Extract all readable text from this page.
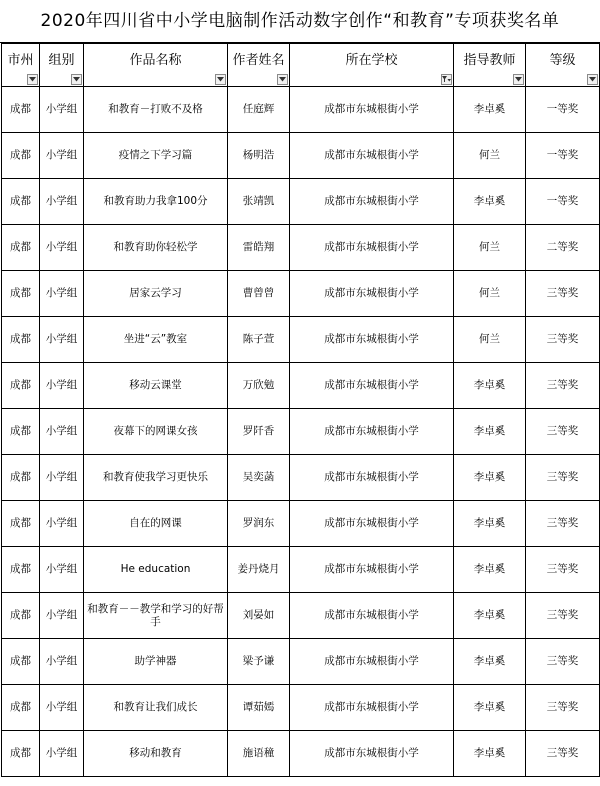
2020年四川省中小学电脑制作活动数字创作“和教育”专项获奖名单
市州	组别	作品名称	作者姓名	所在学校	指导教师	等级

成都	小学组	和教育－打败不及格	任庭辉	成都市东城根街小学	李卓奚	一等奖
成都	小学组	疫情之下学习篇	杨明浩	成都市东城根街小学	何兰	一等奖
成都	小学组	和教育助力我拿100分	张靖凯	成都市东城根街小学	李卓奚	一等奖
成都	小学组	和教育助你轻松学	雷皓翔	成都市东城根街小学	何兰	二等奖
成都	小学组	居家云学习	曹曾曾	成都市东城根街小学	何兰	三等奖
成都	小学组	坐进“云”教室	陈子萱	成都市东城根街小学	何兰	三等奖
成都	小学组	移动云课堂	万欣勉	成都市东城根街小学	李卓奚	三等奖
成都	小学组	夜幕下的网课女孩	罗阡香	成都市东城根街小学	李卓奚	三等奖
成都	小学组	和教育使我学习更快乐	吴奕菡	成都市东城根街小学	李卓奚	三等奖
成都	小学组	自在的网课	罗润东	成都市东城根街小学	李卓奚	三等奖
成都	小学组	He education	姜丹烧月	成都市东城根街小学	李卓奚	三等奖
成都	小学组	和教育－－教学和学习的好帮手	刘晏如	成都市东城根街小学	李卓奚	三等奖
成都	小学组	助学神器	梁予谦	成都市东城根街小学	李卓奚	三等奖
成都	小学组	和教育让我们成长	谭茹嫣	成都市东城根街小学	李卓奚	三等奖
成都	小学组	移动和教育	施语穜	成都市东城根街小学	李卓奚	三等奖
